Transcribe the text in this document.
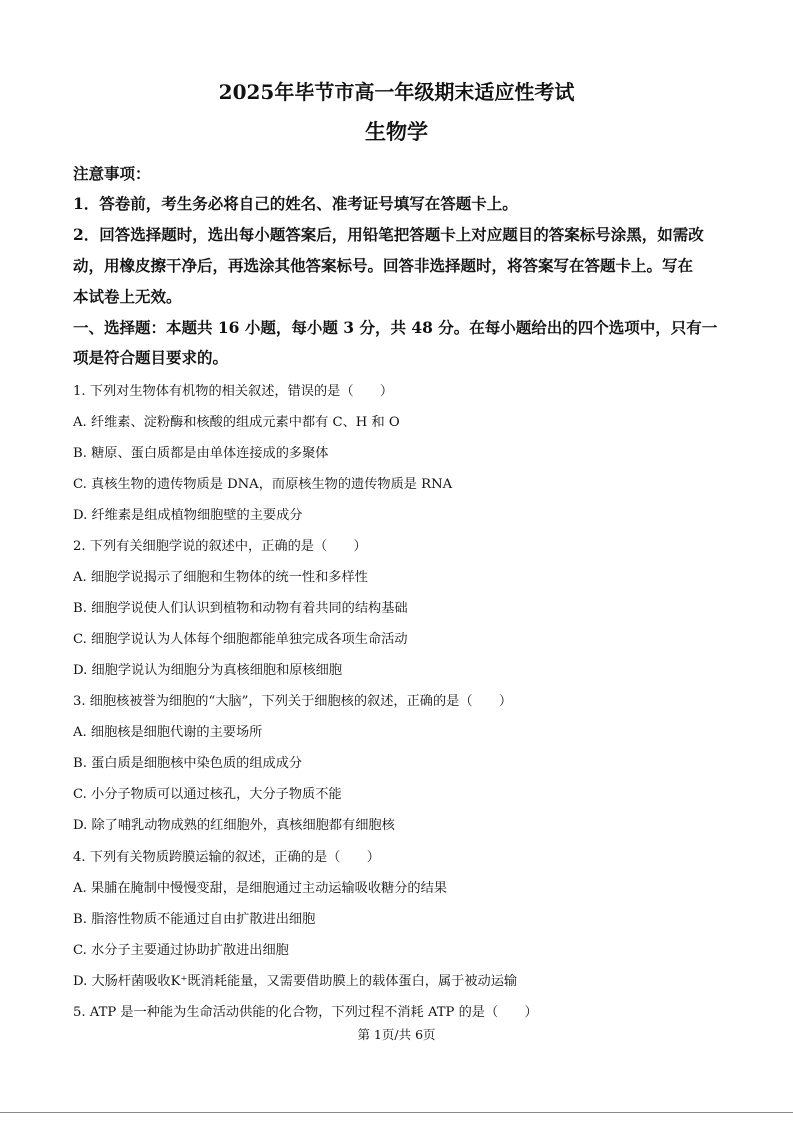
2025年毕节市高一年级期末适应性考试
生物学
注意事项：
1．答卷前，考生务必将自己的姓名、准考证号填写在答题卡上。
2．回答选择题时，选出每小题答案后，用铅笔把答题卡上对应题目的答案标号涂黑，如需改
动，用橡皮擦干净后，再选涂其他答案标号。回答非选择题时，将答案写在答题卡上。写在
本试卷上无效。
一、选择题：本题共 16 小题，每小题 3 分，共 48 分。在每小题给出的四个选项中，只有一
项是符合题目要求的。
1. 下列对生物体有机物的相关叙述，错误的是（　　）
A. 纤维素、淀粉酶和核酸的组成元素中都有 C、H 和 O
B. 糖原、蛋白质都是由单体连接成的多聚体
C. 真核生物的遗传物质是 DNA，而原核生物的遗传物质是 RNA
D. 纤维素是组成植物细胞壁的主要成分
2. 下列有关细胞学说的叙述中，正确的是（　　）
A. 细胞学说揭示了细胞和生物体的统一性和多样性
B. 细胞学说使人们认识到植物和动物有着共同的结构基础
C. 细胞学说认为人体每个细胞都能单独完成各项生命活动
D. 细胞学说认为细胞分为真核细胞和原核细胞
3. 细胞核被誉为细胞的“大脑”，下列关于细胞核的叙述，正确的是（　　）
A. 细胞核是细胞代谢的主要场所
B. 蛋白质是细胞核中染色质的组成成分
C. 小分子物质可以通过核孔，大分子物质不能
D. 除了哺乳动物成熟的红细胞外，真核细胞都有细胞核
4. 下列有关物质跨膜运输的叙述，正确的是（　　）
A. 果脯在腌制中慢慢变甜，是细胞通过主动运输吸收糖分的结果
B. 脂溶性物质不能通过自由扩散进出细胞
C. 水分子主要通过协助扩散进出细胞
D. 大肠杆菌吸收K⁺既消耗能量，又需要借助膜上的载体蛋白，属于被动运输
5. ATP 是一种能为生命活动供能的化合物，下列过程不消耗 ATP 的是（　　）
第 1页/共 6页
